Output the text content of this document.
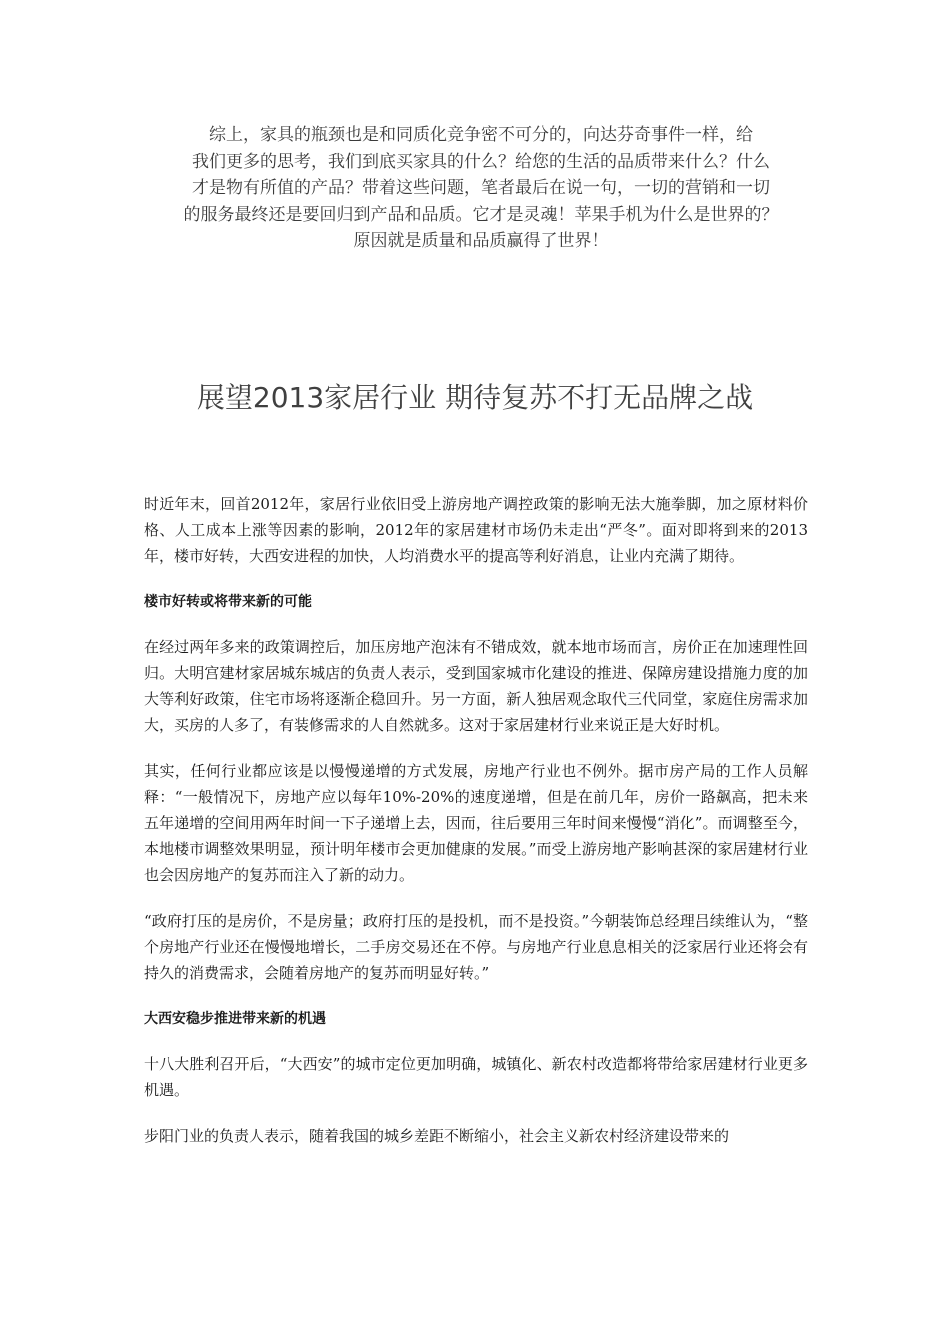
综上，家具的瓶颈也是和同质化竞争密不可分的，向达芬奇事件一样，给

我们更多的思考，我们到底买家具的什么？给您的生活的品质带来什么？什么

才是物有所值的产品？带着这些问题，笔者最后在说一句，一切的营销和一切

的服务最终还是要回归到产品和品质。它才是灵魂！苹果手机为什么是世界的？

原因就是质量和品质赢得了世界！

展望2013家居行业 期待复苏不打无品牌之战

时近年末，回首2012年，家居行业依旧受上游房地产调控政策的影响无法大施拳脚，加之原材料价格、人工成本上涨等因素的影响，2012年的家居建材市场仍未走出“严冬”。面对即将到来的2013年，楼市好转，大西安进程的加快，人均消费水平的提高等利好消息，让业内充满了期待。

楼市好转或将带来新的可能

在经过两年多来的政策调控后，加压房地产泡沫有不错成效，就本地市场而言，房价正在加速理性回归。大明宫建材家居城东城店的负责人表示，受到国家城市化建设的推进、保障房建设措施力度的加大等利好政策，住宅市场将逐渐企稳回升。另一方面，新人独居观念取代三代同堂，家庭住房需求加大，买房的人多了，有装修需求的人自然就多。这对于家居建材行业来说正是大好时机。

其实，任何行业都应该是以慢慢递增的方式发展，房地产行业也不例外。据市房产局的工作人员解释：“一般情况下，房地产应以每年10%-20%的速度递增，但是在前几年，房价一路飙高，把未来五年递增的空间用两年时间一下子递增上去，因而，往后要用三年时间来慢慢“消化”。而调整至今，本地楼市调整效果明显，预计明年楼市会更加健康的发展。”而受上游房地产影响甚深的家居建材行业也会因房地产的复苏而注入了新的动力。

“政府打压的是房价，不是房量；政府打压的是投机，而不是投资。”今朝装饰总经理吕续维认为，“整个房地产行业还在慢慢地增长，二手房交易还在不停。与房地产行业息息相关的泛家居行业还将会有持久的消费需求，会随着房地产的复苏而明显好转。”

大西安稳步推进带来新的机遇

十八大胜利召开后，“大西安”的城市定位更加明确，城镇化、新农村改造都将带给家居建材行业更多机遇。

步阳门业的负责人表示，随着我国的城乡差距不断缩小，社会主义新农村经济建设带来的
